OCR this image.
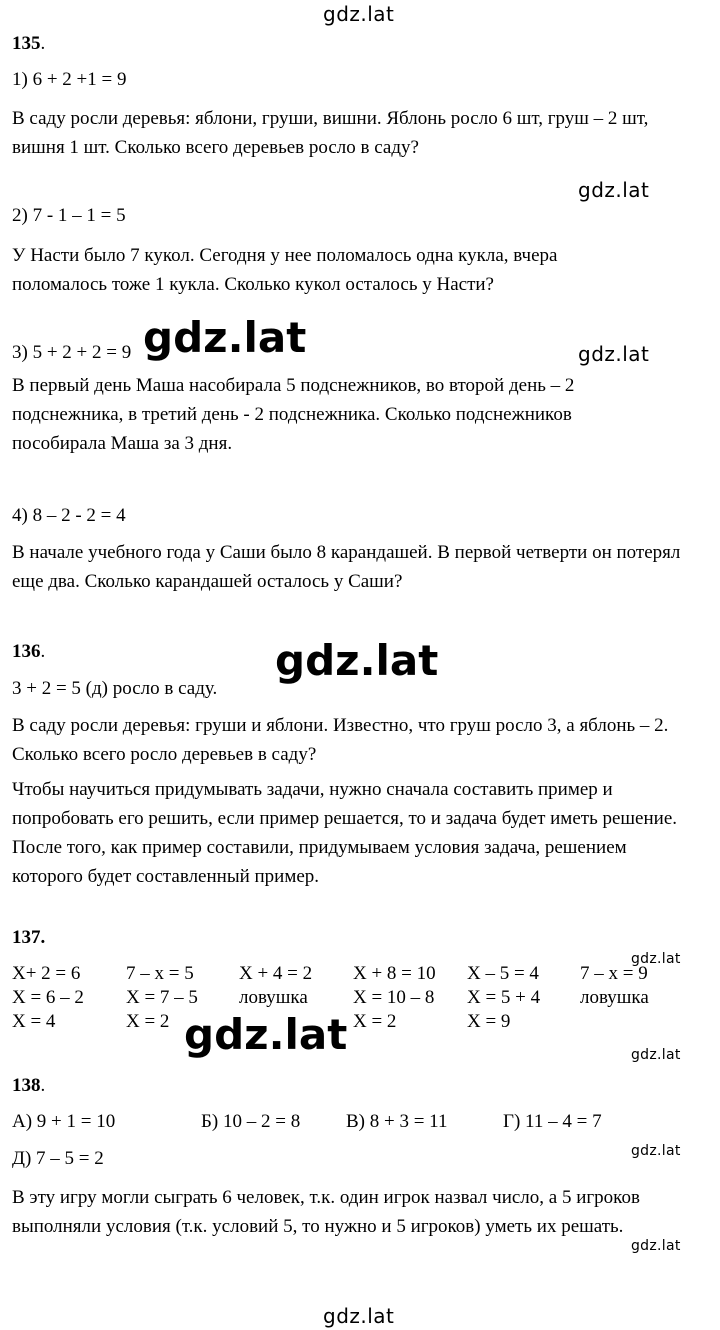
gdz.lat
gdz.lat
gdz.lat
gdz.lat
gdz.lat
gdz.lat
gdz.lat
gdz.lat
gdz.lat
gdz.lat
gdz.lat
135.
1) 6 + 2 +1 = 9
В саду росли деревья: яблони, груши, вишни. Яблонь росло 6 шт, груш – 2 шт, вишня 1 шт. Сколько всего деревьев росло в саду?
2) 7 - 1 – 1 = 5
У Насти было 7 кукол. Сегодня у нее поломалось одна кукла, вчера поломалось тоже 1 кукла. Сколько кукол осталось у Насти?
3) 5 + 2 + 2 = 9
В первый день Маша насобирала 5 подснежников, во второй день – 2 подснежника, в третий день - 2 подснежника. Сколько подснежников пособирала Маша за 3 дня.
4) 8 – 2 - 2 = 4
В начале учебного года у Саши было 8 карандашей. В первой четверти он потерял еще два. Сколько карандашей осталось у Саши?
136.
3 + 2 = 5 (д) росло в саду.
В саду росли деревья: груши и яблони. Известно, что груш росло 3, а яблонь – 2. Сколько всего росло деревьев в саду?
Чтобы научиться придумывать задачи, нужно сначала составить пример и попробовать его решить, если пример решается, то и задача будет иметь решение. После того, как пример составили, придумываем условия задача, решением которого будет составленный пример.
137.
X+ 2 = 6
X = 6 – 2
X = 4
7 – x = 5
X = 7 – 5
X = 2
X + 4 = 2
ловушка
X + 8 = 10
X = 10 – 8
X = 2
X – 5 = 4
X = 5 + 4
X = 9
7 – x = 9
ловушка
138.
А) 9 + 1 = 10	Б) 10 – 2 = 8 В) 8 + 3 = 11	Г) 11 – 4 = 7
Д) 7 – 5 = 2
В эту игру могли сыграть 6 человек, т.к. один игрок назвал число, а 5 игроков выполняли условия (т.к. условий 5, то нужно и 5 игроков) уметь их решать.
